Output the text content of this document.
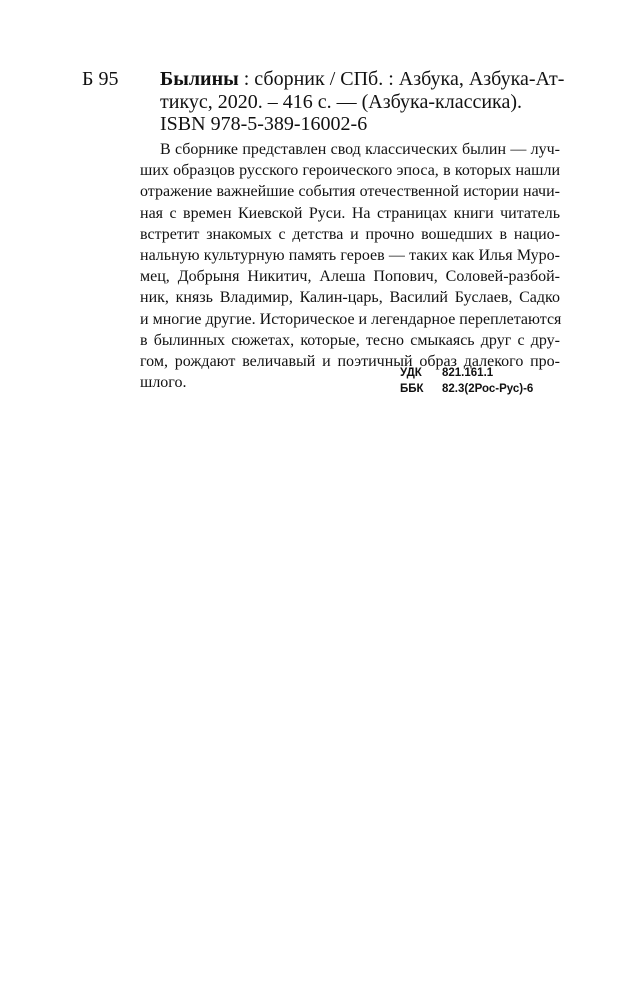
Б 95 Былины : сборник / СПб. : Азбука, Азбука-Ат-
тикус, 2020. – 416 с. — (Азбука-классика).
ISBN 978-5-389-16002-6
В сборнике представлен свод классических былин — луч-
ших образцов русского героического эпоса, в которых нашли
отражение важнейшие события отечественной истории начи-
ная с времен Киевской Руси. На страницах книги читатель
встретит знакомых с детства и прочно вошедших в нацио-
нальную культурную память героев — таких как Илья Муро-
мец, Добрыня Никитич, Алеша Попович, Соловей-разбой-
ник, князь Владимир, Калин-царь, Василий Буслаев, Садко
и многие другие. Историческое и легендарное переплетаются
в былинных сюжетах, которые, тесно смыкаясь друг с дру-
гом, рождают величавый и поэтичный образ далекого про-
шлого.
УДК 821.161.1
ББК 82.3(2Рос-Рус)-6
